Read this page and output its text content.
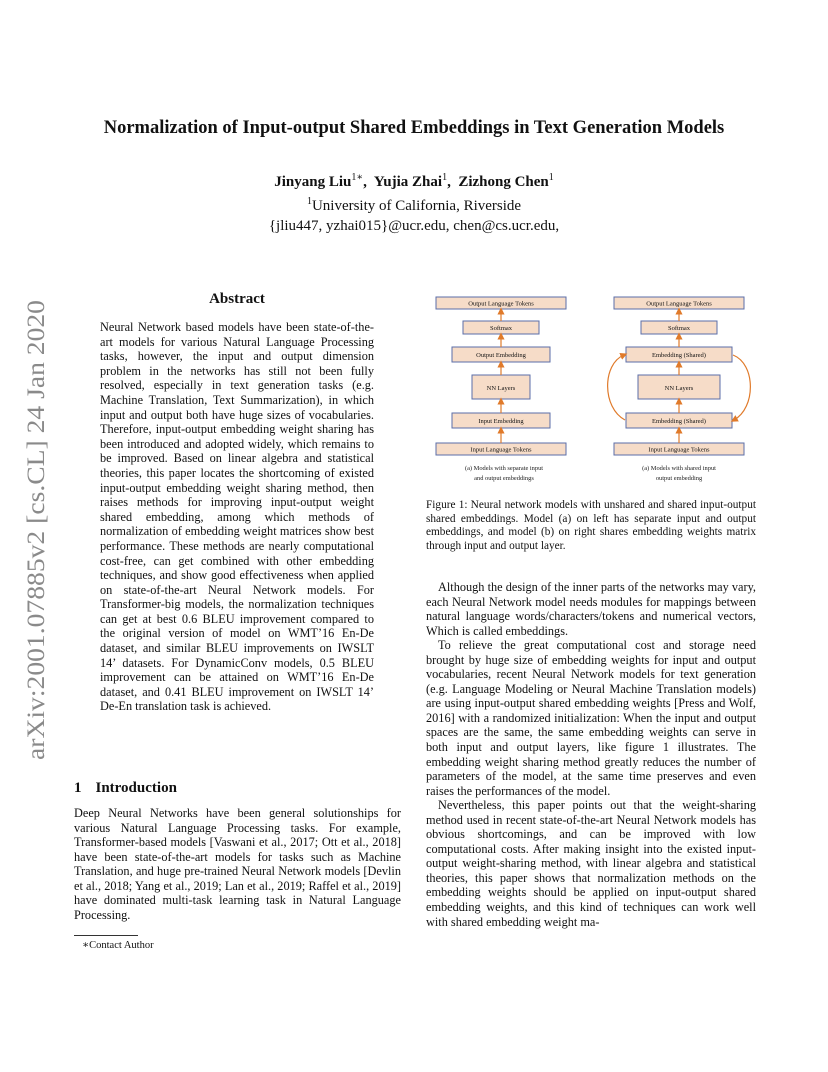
arXiv:2001.07885v2 [cs.CL] 24 Jan 2020
Normalization of Input-output Shared Embeddings in Text Generation Models
Jinyang Liu$^{1∗}$,  Yujia Zhai$^1$,  Zizhong Chen$^1$
$^1$University of California, Riverside
{jliu447, yzhai015}@ucr.edu, chen@cs.ucr.edu,
Abstract

Neural Network based models have been state-of-the-art models for various Natural Language Processing tasks, however, the input and output dimension problem in the networks has still not been fully resolved, especially in text generation tasks (e.g. Machine Translation, Text Summarization), in which input and output both have huge sizes of vocabularies. Therefore, input-output embedding weight sharing has been introduced and adopted widely, which remains to be improved. Based on linear algebra and statistical theories, this paper locates the shortcoming of existed input-output embedding weight sharing method, then raises methods for improving input-output weight shared embedding, among which methods of normalization of embedding weight matrices show best performance. These methods are nearly computational cost-free, can get combined with other embedding techniques, and show good effectiveness when applied on state-of-the-art Neural Network models. For Transformer-big models, the normalization techniques can get at best 0.6 BLEU improvement compared to the original version of model on WMT’16 En-De dataset, and similar BLEU improvements on IWSLT 14’ datasets. For DynamicConv models, 0.5 BLEU improvement can be attained on WMT’16 En-De dataset, and 0.41 BLEU improvement on IWSLT 14’ De-En translation task is achieved.

1 Introduction

Deep Neural Networks have been general solutionships for various Natural Language Processing tasks. For example, Transformer-based models [Vaswani et al., 2017; Ott et al., 2018] have been state-of-the-art models for tasks such as Machine Translation, and huge pre-trained Neural Network models [Devlin et al., 2018; Yang et al., 2019; Lan et al., 2019; Raffel et al., 2019] have dominated multi-task learning task in Natural Language Processing.

∗Contact Author
Output Language Tokens
Softmax
Output Embedding
NN Layers
Input Embedding
Input Language Tokens
(a) Models with separate input
and output embeddings
Output Language Tokens
Softmax
Embedding (Shared)
NN Layers
Embedding (Shared)
Input Language Tokens
(a) Models with shared input
output embedding
Figure 1: Neural network models with unshared and shared input-output shared embeddings. Model (a) on left has separate input and output embeddings, and model (b) on right shares embedding weights matrix through input and output layer.

Although the design of the inner parts of the networks may vary, each Neural Network model needs modules for mappings between natural language words/characters/tokens and numerical vectors, Which is called embeddings.

To relieve the great computational cost and storage need brought by huge size of embedding weights for input and output vocabularies, recent Neural Network models for text generation (e.g. Language Modeling or Neural Machine Translation models) are using input-output shared embedding weights [Press and Wolf, 2016] with a randomized initialization: When the input and output spaces are the same, the same embedding weights can serve in both input and output layers, like figure 1 illustrates. The embedding weight sharing method greatly reduces the number of parameters of the model, at the same time preserves and even raises the performances of the model.

Nevertheless, this paper points out that the weight-sharing method used in recent state-of-the-art Neural Network models has obvious shortcomings, and can be improved with low computational costs. After making insight into the existed input-output weight-sharing method, with linear algebra and statistical theories, this paper shows that normalization methods on the embedding weights should be applied on input-output shared embedding weights, and this kind of techniques can work well with shared embedding weight ma-
